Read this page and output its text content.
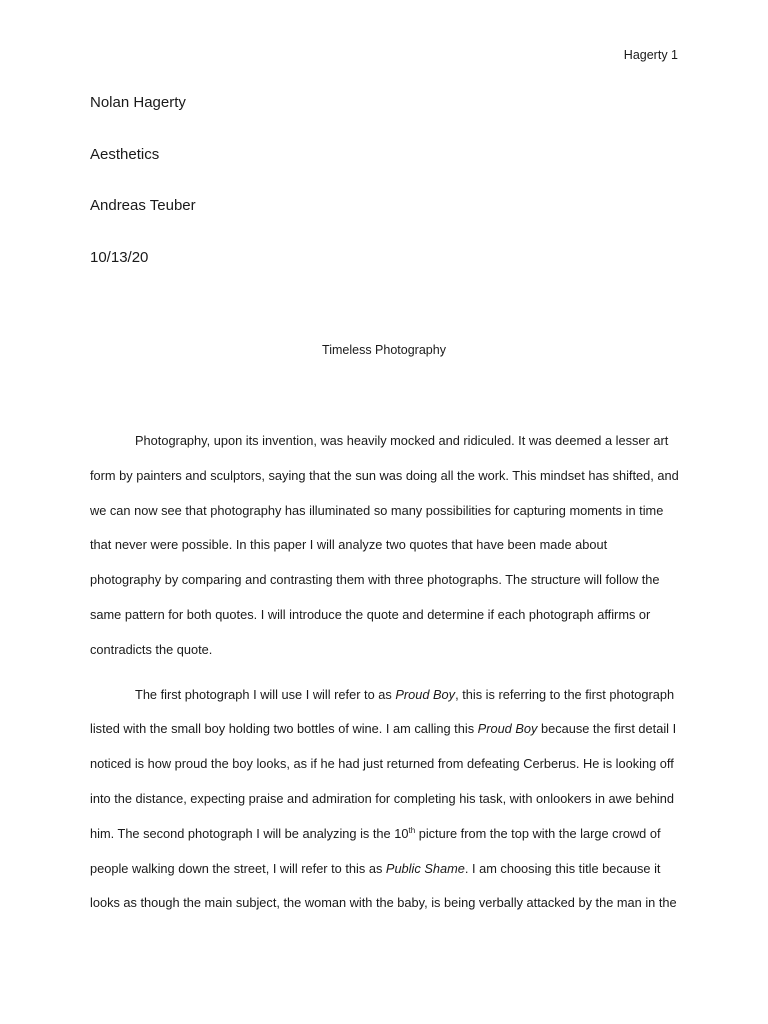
Hagerty 1
Nolan Hagerty
Aesthetics
Andreas Teuber
10/13/20
Timeless Photography
Photography, upon its invention, was heavily mocked and ridiculed. It was deemed a lesser art
form by painters and sculptors, saying that the sun was doing all the work. This mindset has shifted, and
we can now see that photography has illuminated so many possibilities for capturing moments in time
that never were possible. In this paper I will analyze two quotes that have been made about
photography by comparing and contrasting them with three photographs. The structure will follow the
same pattern for both quotes. I will introduce the quote and determine if each photograph affirms or
contradicts the quote.
The first photograph I will use I will refer to as Proud Boy, this is referring to the first photograph
listed with the small boy holding two bottles of wine. I am calling this Proud Boy because the first detail I
noticed is how proud the boy looks, as if he had just returned from defeating Cerberus. He is looking off
into the distance, expecting praise and admiration for completing his task, with onlookers in awe behind
him. The second photograph I will be analyzing is the 10th picture from the top with the large crowd of
people walking down the street, I will refer to this as Public Shame. I am choosing this title because it
looks as though the main subject, the woman with the baby, is being verbally attacked by the man in the
